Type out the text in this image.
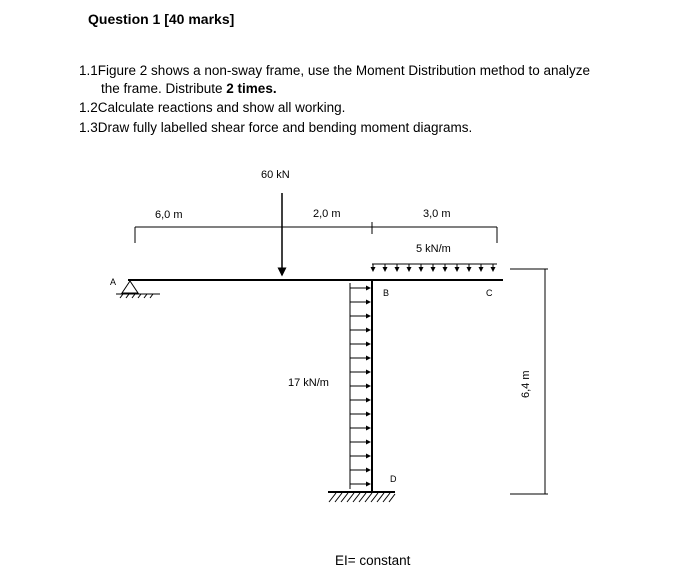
Question 1 [40 marks]
1.1Figure 2 shows a non-sway frame, use the Moment Distribution method to analyze
the frame. Distribute 2 times.
1.2Calculate reactions and show all working.
1.3Draw fully labelled shear force and bending moment diagrams.
60 kN
6,0 m	2,0 m	3,0 m
A
5 kN/m
B	C
D
17 kN/m	6,4 m
EI= constant
